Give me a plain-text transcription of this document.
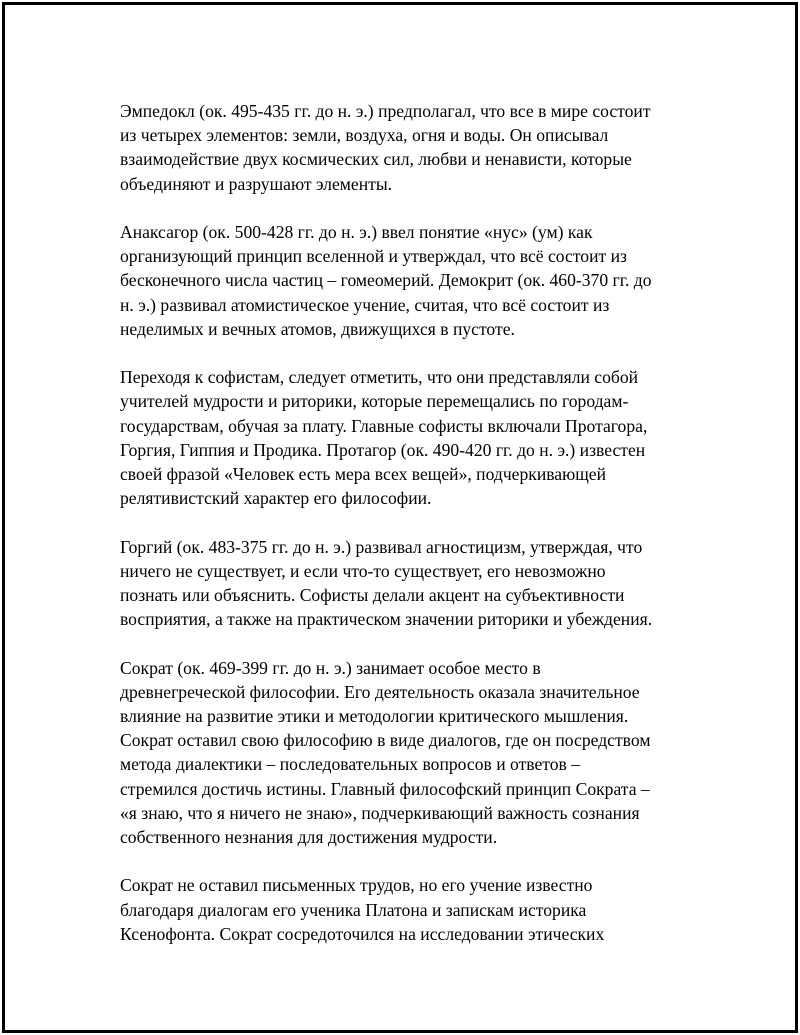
Эмпедокл (ок. 495-435 гг. до н. э.) предполагал, что все в мире состоит
из четырех элементов: земли, воздуха, огня и воды. Он описывал
взаимодействие двух космических сил, любви и ненависти, которые
объединяют и разрушают элементы.

Анаксагор (ок. 500-428 гг. до н. э.) ввел понятие «нус» (ум) как
организующий принцип вселенной и утверждал, что всё состоит из
бесконечного числа частиц – гомеомерий. Демокрит (ок. 460-370 гг. до
н. э.) развивал атомистическое учение, считая, что всё состоит из
неделимых и вечных атомов, движущихся в пустоте.

Переходя к софистам, следует отметить, что они представляли собой
учителей мудрости и риторики, которые перемещались по городам-
государствам, обучая за плату. Главные софисты включали Протагора,
Горгия, Гиппия и Продика. Протагор (ок. 490-420 гг. до н. э.) известен
своей фразой «Человек есть мера всех вещей», подчеркивающей
релятивистский характер его философии.

Горгий (ок. 483-375 гг. до н. э.) развивал агностицизм, утверждая, что
ничего не существует, и если что-то существует, его невозможно
познать или объяснить. Софисты делали акцент на субъективности
восприятия, а также на практическом значении риторики и убеждения.

Сократ (ок. 469-399 гг. до н. э.) занимает особое место в
древнегреческой философии. Его деятельность оказала значительное
влияние на развитие этики и методологии критического мышления.
Сократ оставил свою философию в виде диалогов, где он посредством
метода диалектики – последовательных вопросов и ответов –
стремился достичь истины. Главный философский принцип Сократа –
«я знаю, что я ничего не знаю», подчеркивающий важность сознания
собственного незнания для достижения мудрости.

Сократ не оставил письменных трудов, но его учение известно
благодаря диалогам его ученика Платона и запискам историка
Ксенофонта. Сократ сосредоточился на исследовании этических
